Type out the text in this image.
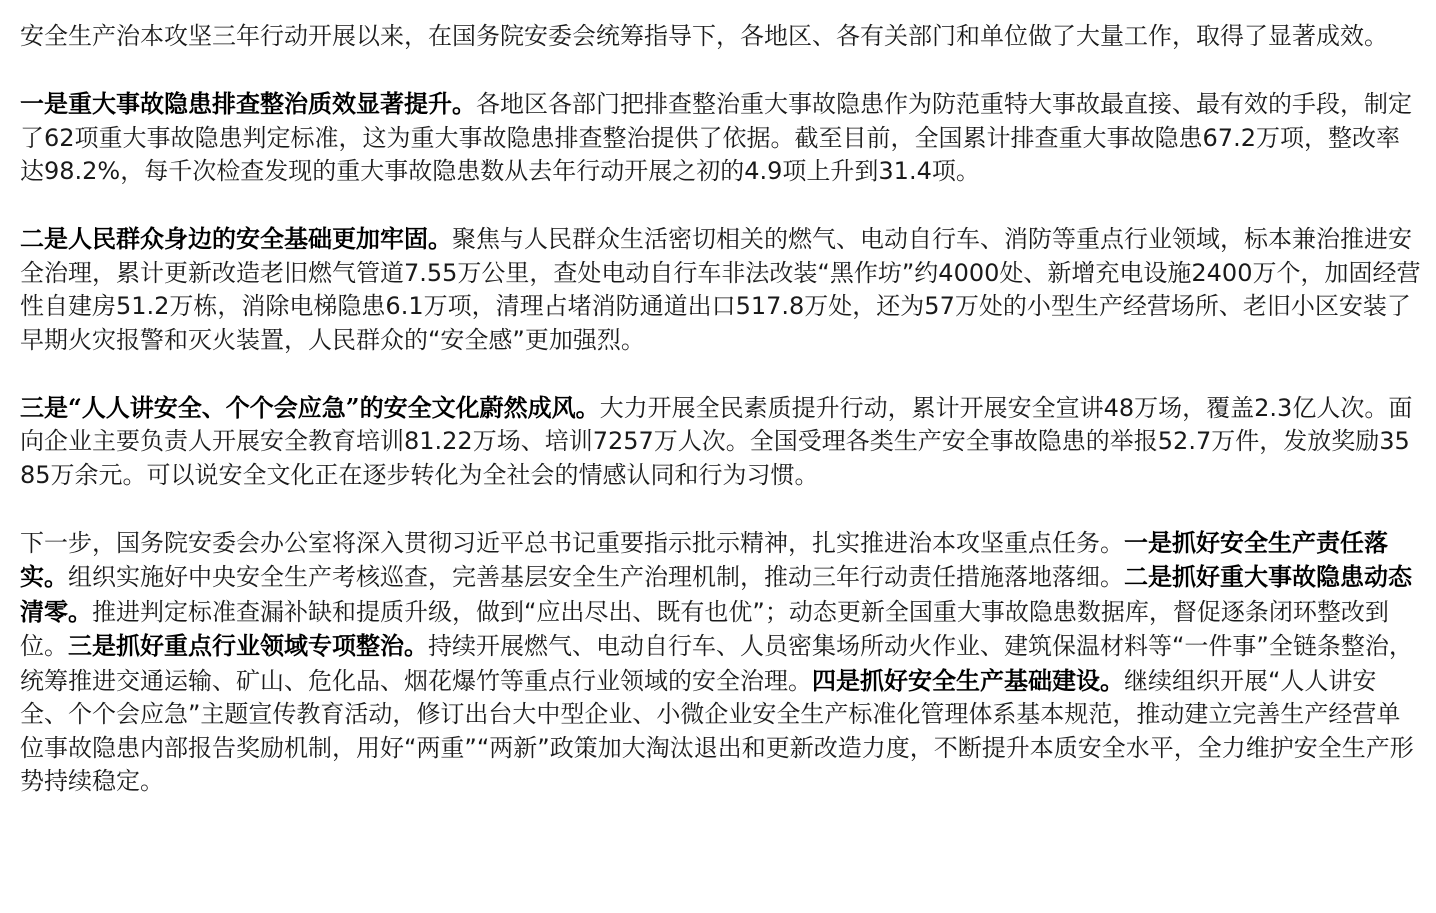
安全生产治本攻坚三年行动开展以来，在国务院安委会统筹指导下，各地区、各有关部门和单位做了大量工作，取得了显著成效。

一是重大事故隐患排查整治质效显著提升。各地区各部门把排查整治重大事故隐患作为防范重特大事故最直接、最有效的手段，制定了62项重大事故隐患判定标准，这为重大事故隐患排查整治提供了依据。截至目前，全国累计排查重大事故隐患67.2万项，整改率达98.2%，每千次检查发现的重大事故隐患数从去年行动开展之初的4.9项上升到31.4项。

二是人民群众身边的安全基础更加牢固。聚焦与人民群众生活密切相关的燃气、电动自行车、消防等重点行业领域，标本兼治推进安全治理，累计更新改造老旧燃气管道7.55万公里，查处电动自行车非法改装“黑作坊”约4000处、新增充电设施2400万个，加固经营性自建房51.2万栋，消除电梯隐患6.1万项，清理占堵消防通道出口517.8万处，还为57万处的小型生产经营场所、老旧小区安装了早期火灾报警和灭火装置，人民群众的“安全感”更加强烈。

三是“人人讲安全、个个会应急”的安全文化蔚然成风。大力开展全民素质提升行动，累计开展安全宣讲48万场，覆盖2.3亿人次。面向企业主要负责人开展安全教育培训81.22万场、培训7257万人次。全国受理各类生产安全事故隐患的举报52.7万件，发放奖励3585万余元。可以说安全文化正在逐步转化为全社会的情感认同和行为习惯。

下一步，国务院安委会办公室将深入贯彻习近平总书记重要指示批示精神，扎实推进治本攻坚重点任务。一是抓好安全生产责任落实。组织实施好中央安全生产考核巡查，完善基层安全生产治理机制，推动三年行动责任措施落地落细。二是抓好重大事故隐患动态清零。推进判定标准查漏补缺和提质升级，做到“应出尽出、既有也优”；动态更新全国重大事故隐患数据库，督促逐条闭环整改到位。三是抓好重点行业领域专项整治。持续开展燃气、电动自行车、人员密集场所动火作业、建筑保温材料等“一件事”全链条整治，统筹推进交通运输、矿山、危化品、烟花爆竹等重点行业领域的安全治理。四是抓好安全生产基础建设。继续组织开展“人人讲安全、个个会应急”主题宣传教育活动，修订出台大中型企业、小微企业安全生产标准化管理体系基本规范，推动建立完善生产经营单位事故隐患内部报告奖励机制，用好“两重”“两新”政策加大淘汰退出和更新改造力度，不断提升本质安全水平，全力维护安全生产形势持续稳定。
